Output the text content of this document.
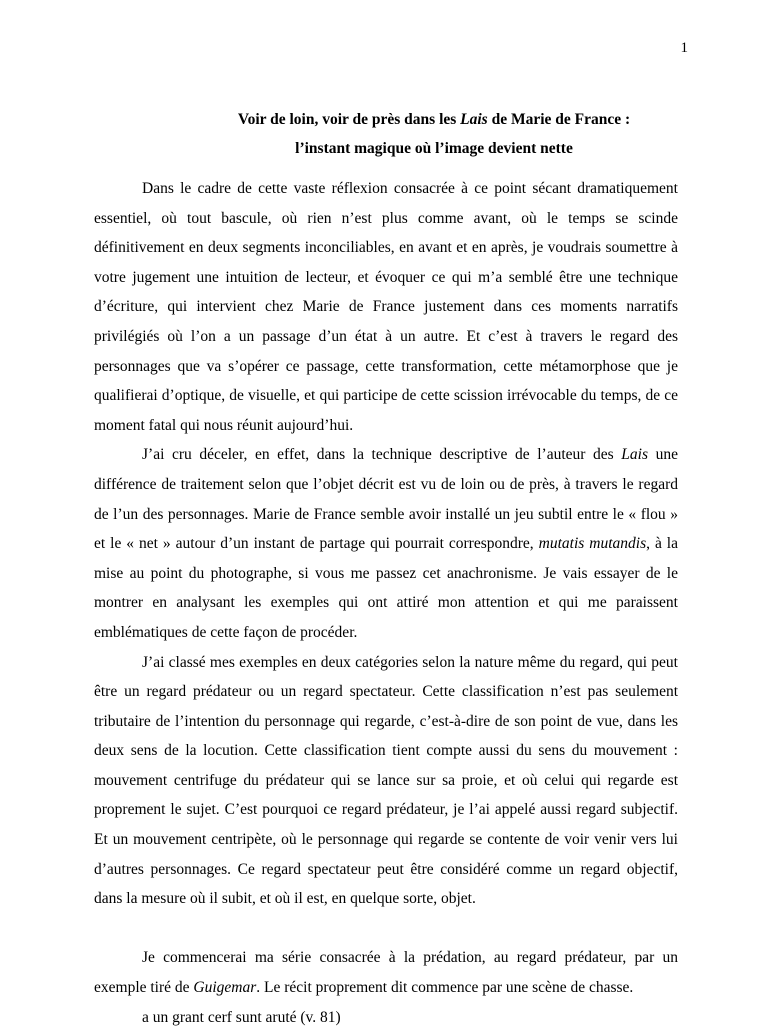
1
Voir de loin, voir de près dans les Lais de Marie de France :
l’instant magique où l’image devient nette

Dans le cadre de cette vaste réflexion consacrée à ce point sécant dramatiquement essentiel, où tout bascule, où rien n’est plus comme avant, où le temps se scinde définitivement en deux segments inconciliables, en avant et en après, je voudrais soumettre à votre jugement une intuition de lecteur, et évoquer ce qui m’a semblé être une technique d’écriture, qui intervient chez Marie de France justement dans ces moments narratifs privilégiés où l’on a un passage d’un état à un autre. Et c’est à travers le regard des personnages que va s’opérer ce passage, cette transformation, cette métamorphose que je qualifierai d’optique, de visuelle, et qui participe de cette scission irrévocable du temps, de ce moment fatal qui nous réunit aujourd’hui.

J’ai cru déceler, en effet, dans la technique descriptive de l’auteur des Lais une différence de traitement selon que l’objet décrit est vu de loin ou de près, à travers le regard de l’un des personnages. Marie de France semble avoir installé un jeu subtil entre le « flou » et le « net » autour d’un instant de partage qui pourrait correspondre, mutatis mutandis, à la mise au point du photographe, si vous me passez cet anachronisme. Je vais essayer de le montrer en analysant les exemples qui ont attiré mon attention et qui me paraissent emblématiques de cette façon de procéder.

J’ai classé mes exemples en deux catégories selon la nature même du regard, qui peut être un regard prédateur ou un regard spectateur. Cette classification n’est pas seulement tributaire de l’intention du personnage qui regarde, c’est-à-dire de son point de vue, dans les deux sens de la locution. Cette classification tient compte aussi du sens du mouvement : mouvement centrifuge du prédateur qui se lance sur sa proie, et où celui qui regarde est proprement le sujet. C’est pourquoi ce regard prédateur, je l’ai appelé aussi regard subjectif. Et un mouvement centripète, où le personnage qui regarde se contente de voir venir vers lui d’autres personnages. Ce regard spectateur peut être considéré comme un regard objectif, dans la mesure où il subit, et où il est, en quelque sorte, objet.

Je commencerai ma série consacrée à la prédation, au regard prédateur, par un exemple tiré de Guigemar. Le récit proprement dit commence par une scène de chasse.

a un grant cerf sunt aruté (v. 81)
